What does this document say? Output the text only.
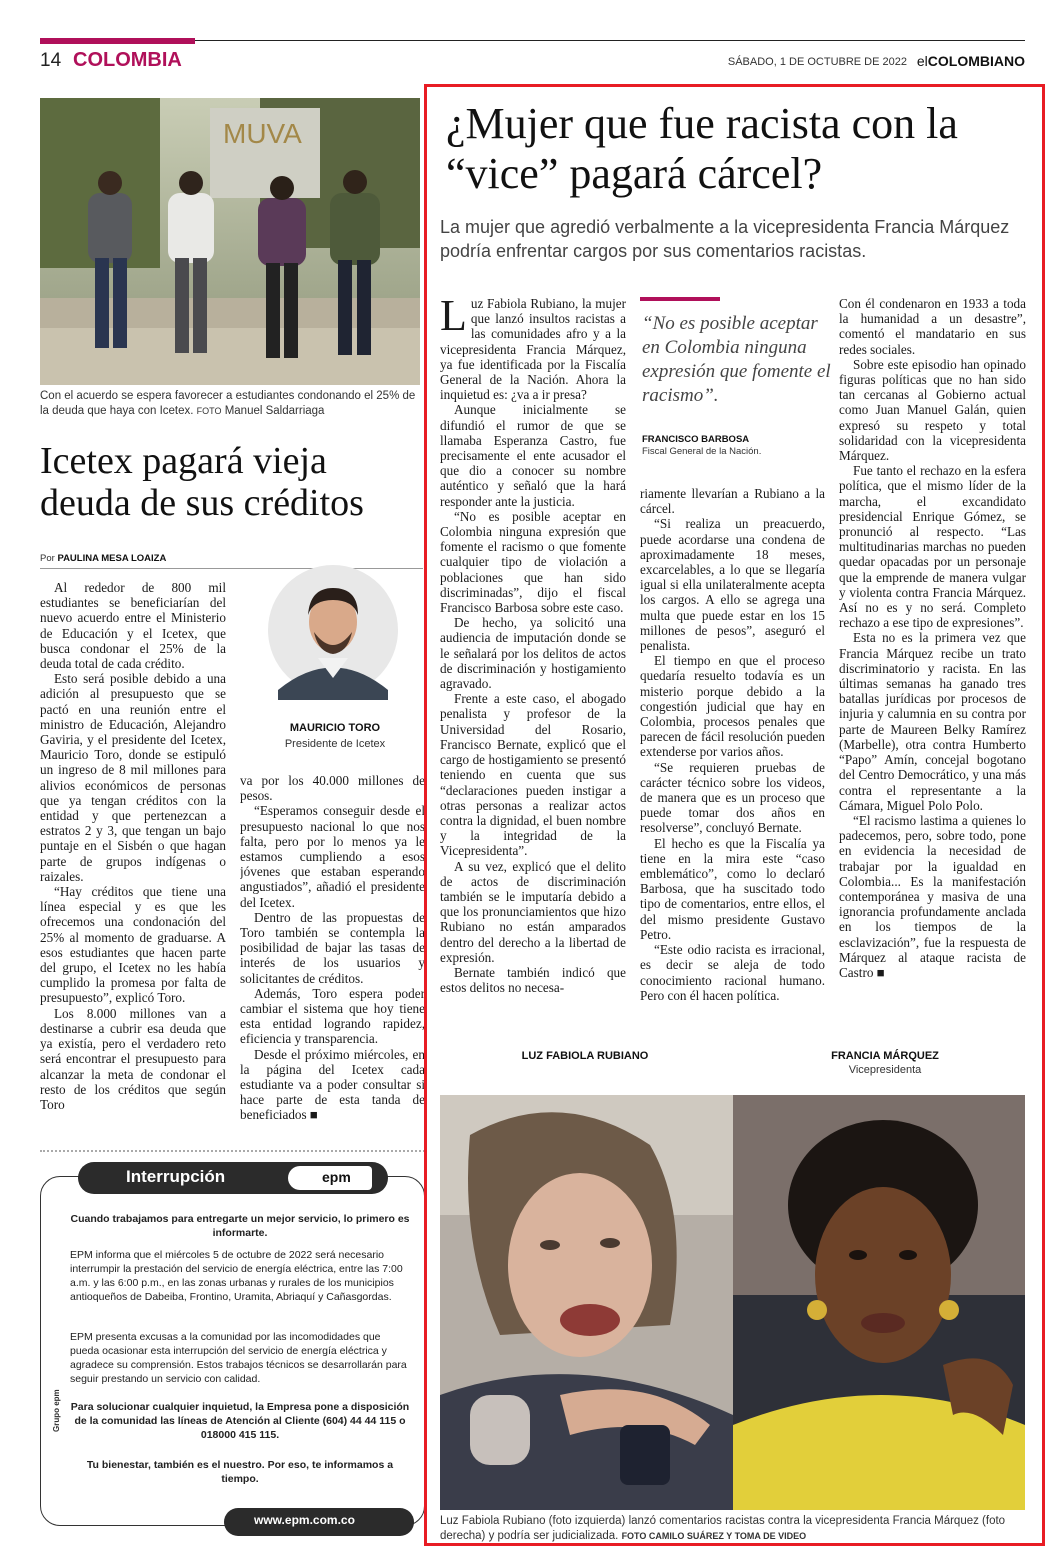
14 COLOMBIA	SÁBADO, 1 DE OCTUBRE DE 2022 elCOLOMBIANO
MUVA
Con el acuerdo se espera favorecer a estudiantes condonando el 25% de la deuda que haya con Icetex. FOTO Manuel Saldarriaga
Icetex pagará vieja deuda de sus créditos
Por PAULINA MESA LOAIZA

Al rededor de 800 mil estudiantes se beneficiarían del nuevo acuerdo entre el Ministerio de Educación y el Icetex, que busca condonar el 25% de la deuda total de cada crédito.

Esto será posible debido a una adición al presupuesto que se pactó en una reunión entre el ministro de Educación, Alejandro Gaviria, y el presidente del Icetex, Mauricio Toro, donde se estipuló un ingreso de 8 mil millones para alivios económicos de personas que ya tengan créditos con la entidad y que pertenezcan a estratos 2 y 3, que tengan un bajo puntaje en el Sisbén o que hagan parte de grupos indígenas o raizales.

“Hay créditos que tiene una línea especial y es que les ofrecemos una condonación del 25% al momento de graduarse. A esos estudiantes que hacen parte del grupo, el Icetex no les había cumplido la promesa por falta de presupuesto”, explicó Toro.

Los 8.000 millones van a destinarse a cubrir esa deuda que ya existía, pero el verdadero reto será encontrar el presupuesto para alcanzar la meta de condonar el resto de los créditos que según Toro

MAURICIO TORO
Presidente de Icetex

va por los 40.000 millones de pesos.

“Esperamos conseguir desde el presupuesto nacional lo que nos falta, pero por lo menos ya le estamos cumpliendo a esos jóvenes que estaban esperando angustiados”, añadió el presidente del Icetex.

Dentro de las propuestas de Toro también se contempla la posibilidad de bajar las tasas de interés de los usuarios y solicitantes de créditos.

Además, Toro espera poder cambiar el sistema que hoy tiene esta entidad logrando rapidez, eficiencia y transparencia.

Desde el próximo miércoles, en la página del Icetex cada estudiante va a poder consultar si hace parte de esta tanda de beneficiados ■

Interrupción	epm
Cuando trabajamos para entregarte un mejor servicio, lo primero es informarte.
EPM informa que el miércoles 5 de octubre de 2022 será necesario interrumpir la prestación del servicio de energía eléctrica, entre las 7:00 a.m. y las 6:00 p.m., en las zonas urbanas y rurales de los municipios antioqueños de Dabeiba, Frontino, Uramita, Abriaquí y Cañasgordas.
EPM presenta excusas a la comunidad por las incomodidades que pueda ocasionar esta interrupción del servicio de energía eléctrica y agradece su comprensión. Estos trabajos técnicos se desarrollarán para seguir prestando un servicio con calidad.
Para solucionar cualquier inquietud, la Empresa pone a disposición de la comunidad las líneas de Atención al Cliente (604) 44 44 115 o 018000 415 115.
Tu bienestar, también es el nuestro. Por eso, te informamos a tiempo.
www.epm.com.co
Grupo epm
¿Mujer que fue racista con la “vice” pagará cárcel?
La mujer que agredió verbalmente a la vicepresidenta Francia Márquez podría enfrentar cargos por sus comentarios racistas.

Luz Fabiola Rubiano, la mujer que lanzó insultos racistas a las comunidades afro y a la vicepresidenta Francia Márquez, ya fue identificada por la Fiscalía General de la Nación. Ahora la inquietud es: ¿va a ir presa?

Aunque inicialmente se difundió el rumor de que se llamaba Esperanza Castro, fue precisamente el ente acusador el que dio a conocer su nombre auténtico y señaló que la hará responder ante la justicia.

“No es posible aceptar en Colombia ninguna expresión que fomente el racismo o que fomente cualquier tipo de violación a poblaciones que han sido discriminadas”, dijo el fiscal Francisco Barbosa sobre este caso.

De hecho, ya solicitó una audiencia de imputación donde se le señalará por los delitos de actos de discriminación y hostigamiento agravado.

Frente a este caso, el abogado penalista y profesor de la Universidad del Rosario, Francisco Bernate, explicó que el cargo de hostigamiento se presentó teniendo en cuenta que sus “declaraciones pueden instigar a otras personas a realizar actos contra la dignidad, el buen nombre y la integridad de la Vicepresidenta”.

A su vez, explicó que el delito de actos de discriminación también se le imputaría debido a que los pronunciamientos que hizo Rubiano no están amparados dentro del derecho a la libertad de expresión.

Bernate también indicó que estos delitos no necesa-

“No es posible aceptar en Colombia ninguna expresión que fomente el racismo”.
FRANCISCO BARBOSA
Fiscal General de la Nación.

riamente llevarían a Rubiano a la cárcel.

“Si realiza un preacuerdo, puede acordarse una condena de aproximadamente 18 meses, excarcelables, a lo que se llegaría igual si ella unilateralmente acepta los cargos. A ello se agrega una multa que puede estar en los 15 millones de pesos”, aseguró el penalista.

El tiempo en que el proceso quedaría resuelto todavía es un misterio porque debido a la congestión judicial que hay en Colombia, procesos penales que parecen de fácil resolución pueden extenderse por varios años.

“Se requieren pruebas de carácter técnico sobre los videos, de manera que es un proceso que puede tomar dos años en resolverse”, concluyó Bernate.

El hecho es que la Fiscalía ya tiene en la mira este “caso emblemático”, como lo declaró Barbosa, que ha suscitado todo tipo de comentarios, entre ellos, el del mismo presidente Gustavo Petro.

“Este odio racista es irracional, es decir se aleja de todo conocimiento racional humano. Pero con él hacen política.

Con él condenaron en 1933 a toda la humanidad a un desastre”, comentó el mandatario en sus redes sociales.

Sobre este episodio han opinado figuras políticas que no han sido tan cercanas al Gobierno actual como Juan Manuel Galán, quien expresó su respeto y total solidaridad con la vicepresidenta Márquez.

Fue tanto el rechazo en la esfera política, que el mismo líder de la marcha, el excandidato presidencial Enrique Gómez, se pronunció al respecto. “Las multitudinarias marchas no pueden quedar opacadas por un personaje que la emprende de manera vulgar y violenta contra Francia Márquez. Así no es y no será. Completo rechazo a ese tipo de expresiones”.

Esta no es la primera vez que Francia Márquez recibe un trato discriminatorio y racista. En las últimas semanas ha ganado tres batallas jurídicas por procesos de injuria y calumnia en su contra por parte de Maureen Belky Ramírez (Marbelle), otra contra Humberto “Papo” Amín, concejal bogotano del Centro Democrático, y una más contra el representante a la Cámara, Miguel Polo Polo.

“El racismo lastima a quienes lo padecemos, pero, sobre todo, pone en evidencia la necesidad de trabajar por la igualdad en Colombia... Es la manifestación contemporánea y masiva de una ignorancia profundamente anclada en los tiempos de la esclavización”, fue la respuesta de Márquez al ataque racista de Castro ■

LUZ FABIOLA RUBIANO	FRANCIA MÁRQUEZ
Vicepresidenta
Luz Fabiola Rubiano (foto izquierda) lanzó comentarios racistas contra la vicepresidenta Francia Márquez (foto derecha) y podría ser judicializada. FOTO CAMILO SUÁREZ Y TOMA DE VIDEO
